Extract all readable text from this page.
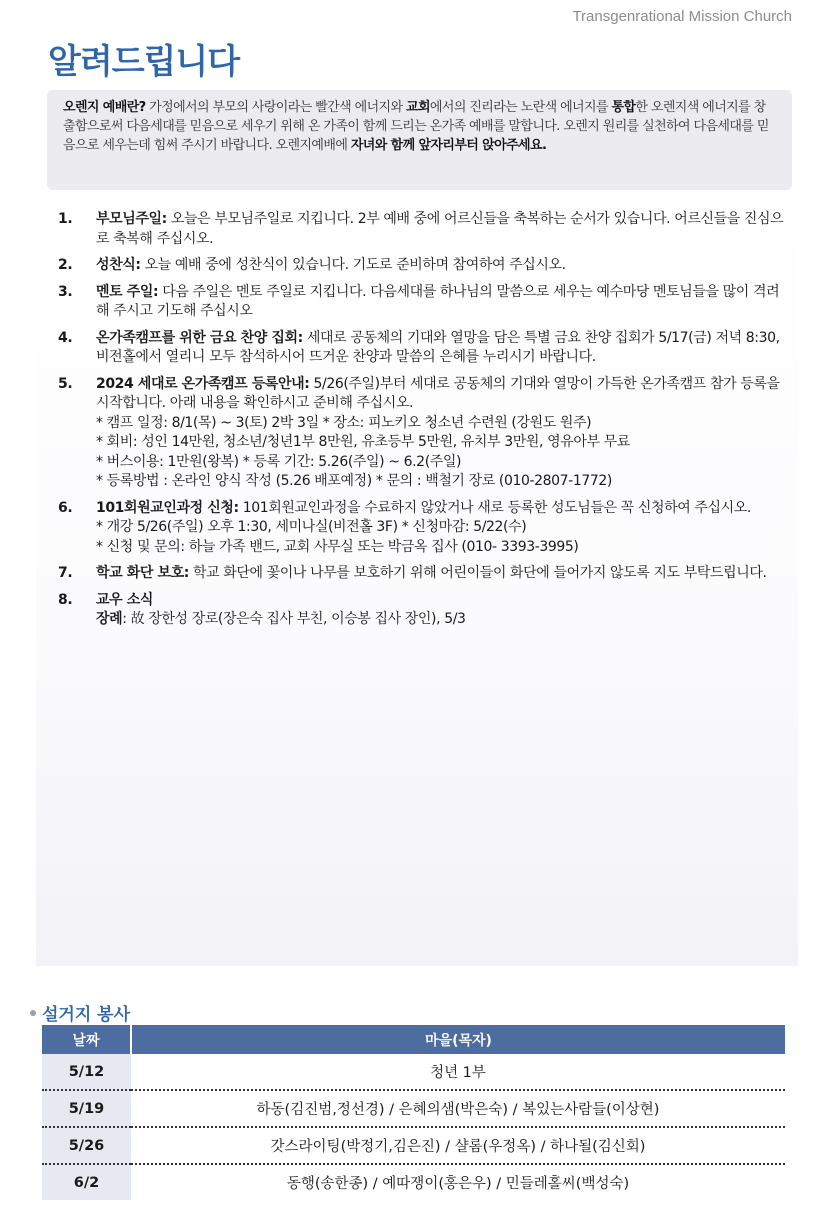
Transgenrational Mission Church
알려드립니다
오렌지 예배란? 가정에서의 부모의 사랑이라는 빨간색 에너지와 교회에서의 진리라는 노란색 에너지를 통합한 오렌지색 에너지를 창출함으로써 다음세대를 믿음으로 세우기 위해 온 가족이 함께 드리는 온가족 예배를 말합니다. 오렌지 원리를 실천하여 다음세대를 믿음으로 세우는데 힘써 주시기 바랍니다. 오렌지예배에 자녀와 함께 앞자리부터 앉아주세요.
1.	부모님주일: 오늘은 부모님주일로 지킵니다. 2부 예배 중에 어르신들을 축복하는 순서가 있습니다. 어르신들을 진심으로 축복해 주십시오.
2.	성찬식: 오늘 예배 중에 성찬식이 있습니다. 기도로 준비하며 참여하여 주십시오.
3.	멘토 주일: 다음 주일은 멘토 주일로 지킵니다. 다음세대를 하나님의 말씀으로 세우는 예수마당 멘토님들을 많이 격려해 주시고 기도해 주십시오
4.	온가족캠프를 위한 금요 찬양 집회: 세대로 공동체의 기대와 열망을 담은 특별 금요 찬양 집회가 5/17(금) 저녁 8:30, 비전홀에서 열리니 모두 참석하시어 뜨거운 찬양과 말씀의 은혜를 누리시기 바랍니다.
5.	2024 세대로 온가족캠프 등록안내: 5/26(주일)부터 세대로 공동체의 기대와 열망이 가득한 온가족캠프 참가 등록을 시작합니다. 아래 내용을 확인하시고 준비해 주십시오.
* 캠프 일정: 8/1(목) ~ 3(토) 2박 3일 * 장소: 피노키오 청소년 수련원 (강원도 원주)
* 회비: 성인 14만원, 청소년/청년1부 8만원, 유초등부 5만원, 유치부 3만원, 영유아부 무료
* 버스이용: 1만원(왕복) * 등록 기간: 5.26(주일) ~ 6.2(주일)
* 등록방법 : 온라인 양식 작성 (5.26 배포예정) * 문의 : 백철기 장로 (010-2807-1772)
6.	101회원교인과정 신청: 101회원교인과정을 수료하지 않았거나 새로 등록한 성도님들은 꼭 신청하여 주십시오.
* 개강 5/26(주일) 오후 1:30, 세미나실(비전홀 3F) * 신청마감: 5/22(수)
* 신청 및 문의: 하늘 가족 밴드, 교회 사무실 또는 박금옥 집사 (010- 3393-3995)
7.	학교 화단 보호: 학교 화단에 꽃이나 나무를 보호하기 위해 어린이들이 화단에 들어가지 않도록 지도 부탁드립니다.
8.	교우 소식
장례: 故 장한성 장로(장은숙 집사 부친, 이승봉 집사 장인), 5/3
설거지 봉사
날짜	마을(목자)
5/12	청년 1부
5/19	하동(김진범,정선경) / 은혜의샘(박은숙) / 복있는사람들(이상현)
5/26	갓스라이팅(박정기,김은진) / 샬롬(우정옥) / 하나될(김신회)
6/2	동행(송한종) / 예따쟁이(홍은우) / 민들레홀씨(백성숙)
